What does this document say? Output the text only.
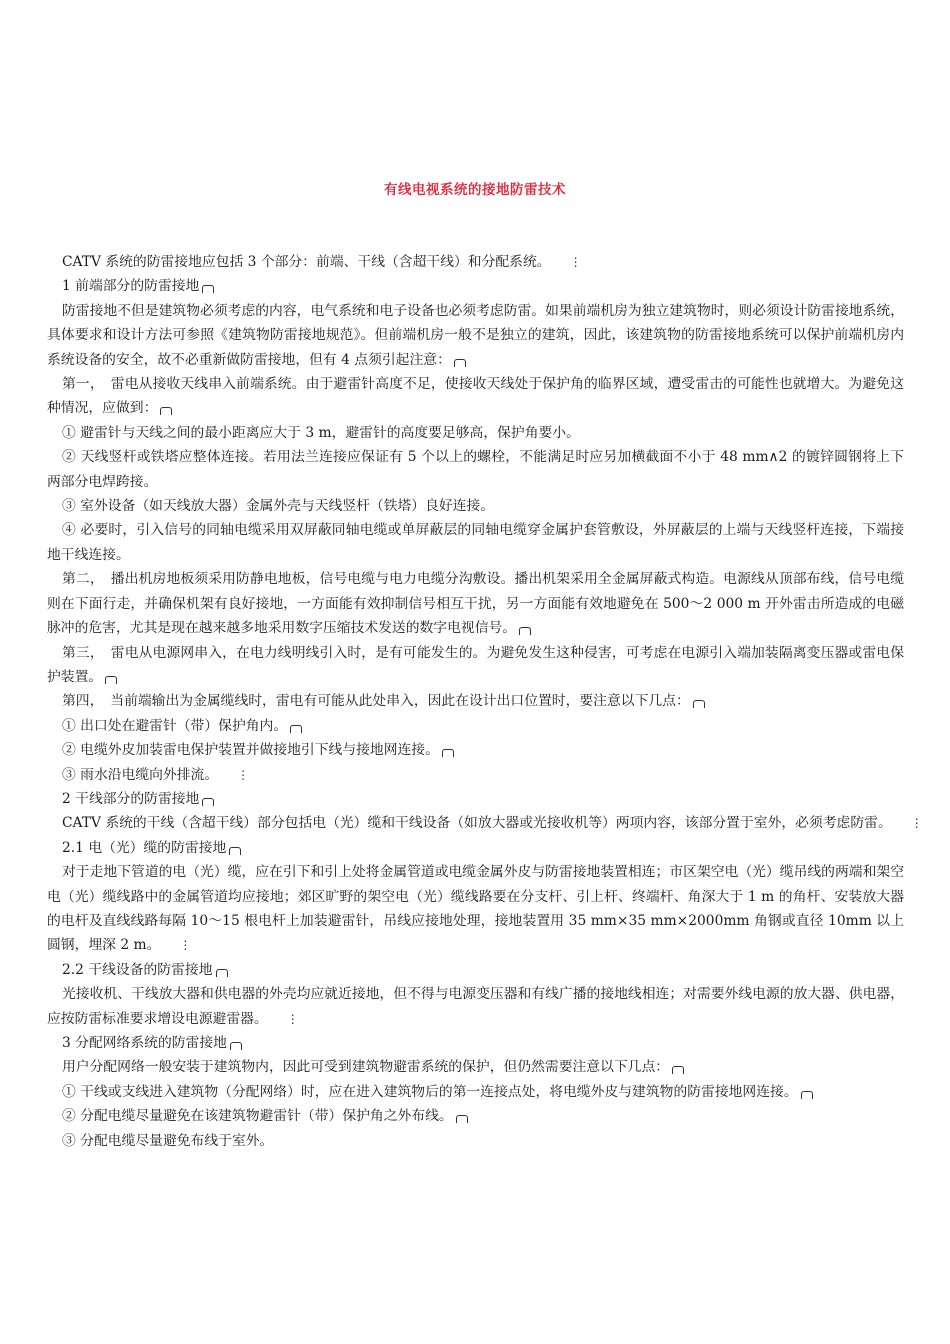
有线电视系统的接地防雷技术

CATV 系统的防雷接地应包括 3 个部分：前端、干线（含超干线）和分配系统。 ⋮

1 前端部分的防雷接地

防雷接地不但是建筑物必须考虑的内容，电气系统和电子设备也必须考虑防雷。如果前端机房为独立建筑物时，则必须设计防雷接地系统，具体要求和设计方法可参照《建筑物防雷接地规范》。但前端机房一般不是独立的建筑，因此，该建筑物的防雷接地系统可以保护前端机房内系统设备的安全，故不必重新做防雷接地，但有 4 点须引起注意：

第一，　雷电从接收天线串入前端系统。由于避雷针高度不足，使接收天线处于保护角的临界区域，遭受雷击的可能性也就增大。为避免这种情况，应做到：

① 避雷针与天线之间的最小距离应大于 3 m，避雷针的高度要足够高，保护角要小。

② 天线竖杆或铁塔应整体连接。若用法兰连接应保证有 5 个以上的螺栓，不能满足时应另加横截面不小于 48 mm∧2 的镀锌圆钢将上下两部分电焊跨接。

③ 室外设备（如天线放大器）金属外壳与天线竖杆（铁塔）良好连接。

④ 必要时，引入信号的同轴电缆采用双屏蔽同轴电缆或单屏蔽层的同轴电缆穿金属护套管敷设，外屏蔽层的上端与天线竖杆连接，下端接地干线连接。

第二，　播出机房地板须采用防静电地板，信号电缆与电力电缆分沟敷设。播出机架采用全金属屏蔽式构造。电源线从顶部布线，信号电缆则在下面行走，并确保机架有良好接地，一方面能有效抑制信号相互干扰，另一方面能有效地避免在 500～2 000 m 开外雷击所造成的电磁脉冲的危害，尤其是现在越来越多地采用数字压缩技术发送的数字电视信号。

第三，　雷电从电源网串入，在电力线明线引入时，是有可能发生的。为避免发生这种侵害，可考虑在电源引入端加装隔离变压器或雷电保护装置。

第四，　当前端输出为金属缆线时，雷电有可能从此处串入，因此在设计出口位置时，要注意以下几点：

① 出口处在避雷针（带）保护角内。

② 电缆外皮加装雷电保护装置并做接地引下线与接地网连接。

③ 雨水沿电缆向外排流。 ⋮

2 干线部分的防雷接地

CATV 系统的干线（含超干线）部分包括电（光）缆和干线设备（如放大器或光接收机等）两项内容，该部分置于室外，必须考虑防雷。 ⋮

2.1 电（光）缆的防雷接地

对于走地下管道的电（光）缆，应在引下和引上处将金属管道或电缆金属外皮与防雷接地装置相连；市区架空电（光）缆吊线的两端和架空电（光）缆线路中的金属管道均应接地；郊区旷野的架空电（光）缆线路要在分支杆、引上杆、终端杆、角深大于 1 m 的角杆、安装放大器的电杆及直线线路每隔 10～15 根电杆上加装避雷针，吊线应接地处理，接地装置用 35 mm×35 mm×2000mm 角钢或直径 10mm 以上圆钢，埋深 2 m。 ⋮

2.2 干线设备的防雷接地

光接收机、干线放大器和供电器的外壳均应就近接地，但不得与电源变压器和有线广播的接地线相连；对需要外线电源的放大器、供电器，应按防雷标准要求增设电源避雷器。 ⋮

3 分配网络系统的防雷接地

用户分配网络一般安装于建筑物内，因此可受到建筑物避雷系统的保护，但仍然需要注意以下几点：

① 干线或支线进入建筑物（分配网络）时，应在进入建筑物后的第一连接点处，将电缆外皮与建筑物的防雷接地网连接。

② 分配电缆尽量避免在该建筑物避雷针（带）保护角之外布线。

③ 分配电缆尽量避免布线于室外。
